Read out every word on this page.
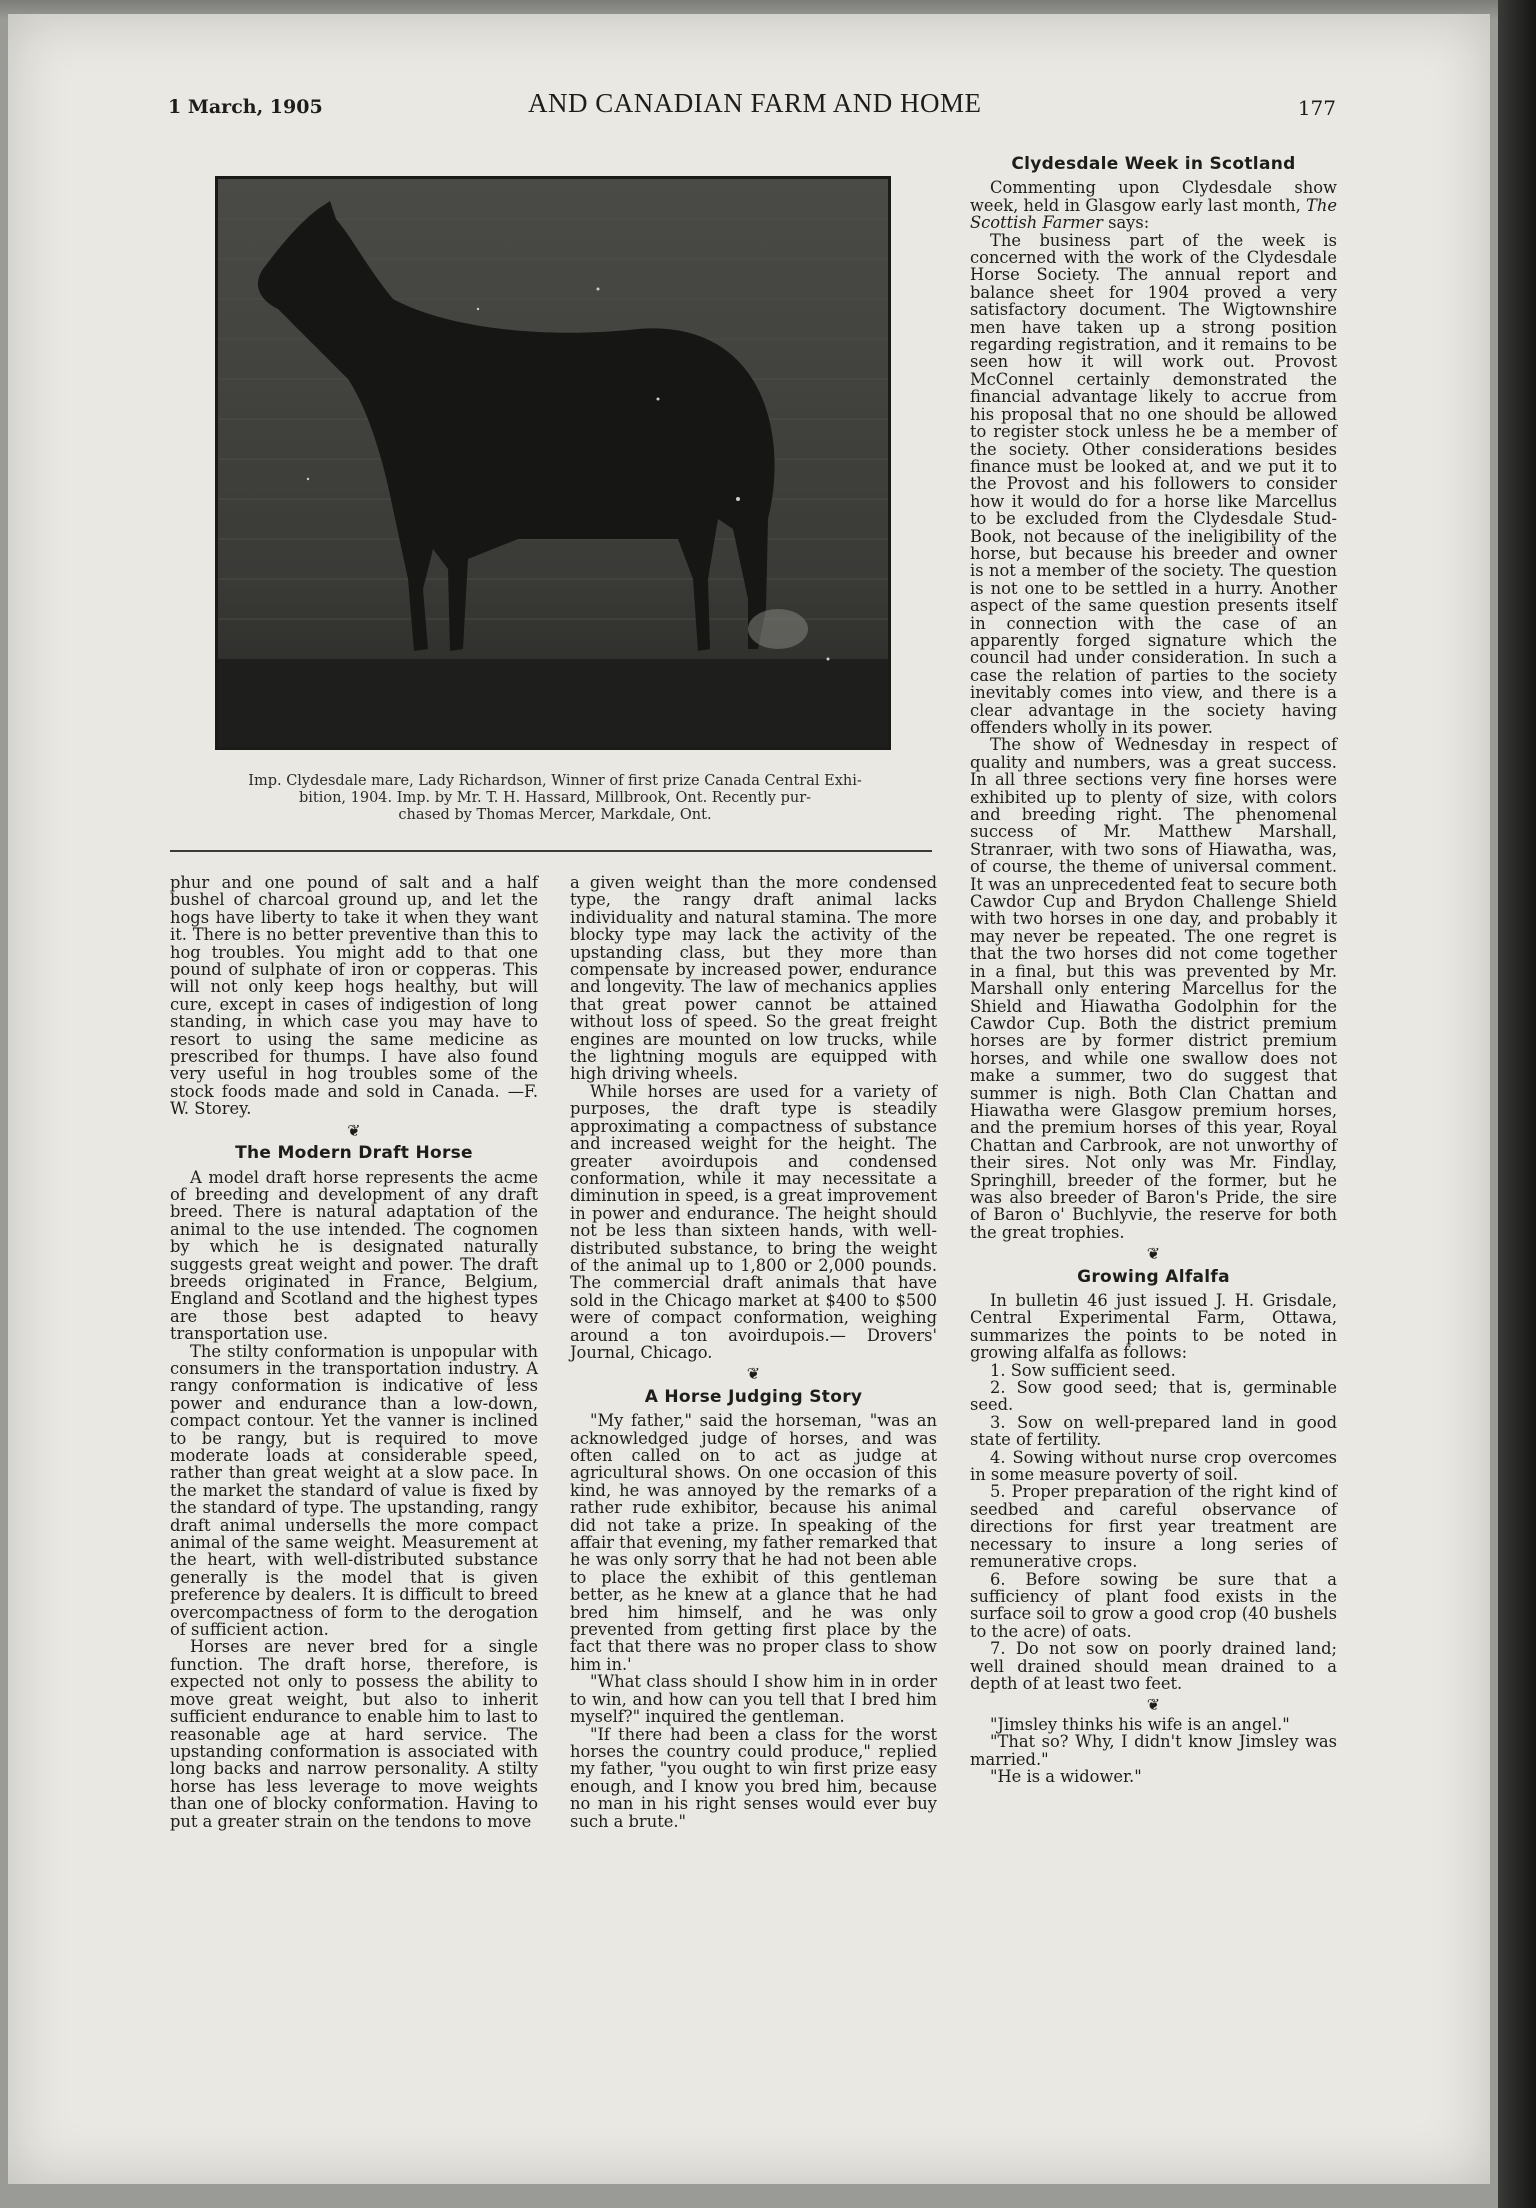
1 March, 1905	AND CANADIAN FARM AND HOME	177
Imp. Clydesdale mare, Lady Richardson, Winner of first prize Canada Central Exhi-
bition, 1904. Imp. by Mr. T. H. Hassard, Millbrook, Ont. Recently pur-
chased by Thomas Mercer, Markdale, Ont.

phur and one pound of salt and a half bushel of charcoal ground up, and let the hogs have liberty to take it when they want it. There is no better preventive than this to hog troubles. You might add to that one pound of sulphate of iron or copperas. This will not only keep hogs healthy, but will cure, except in cases of indigestion of long standing, in which case you may have to resort to using the same medicine as prescribed for thumps. I have also found very useful in hog troubles some of the stock foods made and sold in Canada. —F. W. Storey.

❦
The Modern Draft Horse

A model draft horse represents the acme of breeding and development of any draft breed. There is natural adaptation of the animal to the use intended. The cognomen by which he is designated naturally suggests great weight and power. The draft breeds originated in France, Belgium, England and Scotland and the highest types are those best adapted to heavy transportation use.

The stilty conformation is unpopular with consumers in the transportation industry. A rangy conformation is indicative of less power and endurance than a low-down, compact contour. Yet the vanner is inclined to be rangy, but is required to move moderate loads at considerable speed, rather than great weight at a slow pace. In the market the standard of value is fixed by the standard of type. The upstanding, rangy draft animal undersells the more compact animal of the same weight. Measurement at the heart, with well-distributed substance generally is the model that is given preference by dealers. It is difficult to breed overcompactness of form to the derogation of sufficient action.

Horses are never bred for a single function. The draft horse, therefore, is expected not only to possess the ability to move great weight, but also to inherit sufficient endurance to enable him to last to reasonable age at hard service. The upstanding conformation is associated with long backs and narrow personality. A stilty horse has less leverage to move weights than one of blocky conformation. Having to put a greater strain on the tendons to move

a given weight than the more condensed type, the rangy draft animal lacks individuality and natural stamina. The more blocky type may lack the activity of the upstanding class, but they more than compensate by increased power, endurance and longevity. The law of mechanics applies that great power cannot be attained without loss of speed. So the great freight engines are mounted on low trucks, while the lightning moguls are equipped with high driving wheels.

While horses are used for a variety of purposes, the draft type is steadily approximating a compactness of substance and increased weight for the height. The greater avoirdupois and condensed conformation, while it may necessitate a diminution in speed, is a great improvement in power and endurance. The height should not be less than sixteen hands, with well-distributed substance, to bring the weight of the animal up to 1,800 or 2,000 pounds. The commercial draft animals that have sold in the Chicago market at $400 to $500 were of compact conformation, weighing around a ton avoirdupois.— Drovers' Journal, Chicago.

❦
A Horse Judging Story

"My father," said the horseman, "was an acknowledged judge of horses, and was often called on to act as judge at agricultural shows. On one occasion of this kind, he was annoyed by the remarks of a rather rude exhibitor, because his animal did not take a prize. In speaking of the affair that evening, my father remarked that he was only sorry that he had not been able to place the exhibit of this gentleman better, as he knew at a glance that he had bred him himself, and he was only prevented from getting first place by the fact that there was no proper class to show him in.'

"What class should I show him in in order to win, and how can you tell that I bred him myself?" inquired the gentleman.

"If there had been a class for the worst horses the country could produce," replied my father, "you ought to win first prize easy enough, and I know you bred him, because no man in his right senses would ever buy such a brute."

Clydesdale Week in Scotland

Commenting upon Clydesdale show week, held in Glasgow early last month, The Scottish Farmer says:

The business part of the week is concerned with the work of the Clydesdale Horse Society. The annual report and balance sheet for 1904 proved a very satisfactory document. The Wigtownshire men have taken up a strong position regarding registration, and it remains to be seen how it will work out. Provost McConnel certainly demonstrated the financial advantage likely to accrue from his proposal that no one should be allowed to register stock unless he be a member of the society. Other considerations besides finance must be looked at, and we put it to the Provost and his followers to consider how it would do for a horse like Marcellus to be excluded from the Clydesdale Stud-Book, not because of the ineligibility of the horse, but because his breeder and owner is not a member of the society. The question is not one to be settled in a hurry. Another aspect of the same question presents itself in connection with the case of an apparently forged signature which the council had under consideration. In such a case the relation of parties to the society inevitably comes into view, and there is a clear advantage in the society having offenders wholly in its power.

The show of Wednesday in respect of quality and numbers, was a great success. In all three sections very fine horses were exhibited up to plenty of size, with colors and breeding right. The phenomenal success of Mr. Matthew Marshall, Stranraer, with two sons of Hiawatha, was, of course, the theme of universal comment. It was an unprecedented feat to secure both Cawdor Cup and Brydon Challenge Shield with two horses in one day, and probably it may never be repeated. The one regret is that the two horses did not come together in a final, but this was prevented by Mr. Marshall only entering Marcellus for the Shield and Hiawatha Godolphin for the Cawdor Cup. Both the district premium horses are by former district premium horses, and while one swallow does not make a summer, two do suggest that summer is nigh. Both Clan Chattan and Hiawatha were Glasgow premium horses, and the premium horses of this year, Royal Chattan and Carbrook, are not unworthy of their sires. Not only was Mr. Findlay, Springhill, breeder of the former, but he was also breeder of Baron's Pride, the sire of Baron o' Buchlyvie, the reserve for both the great trophies.

❦
Growing Alfalfa

In bulletin 46 just issued J. H. Grisdale, Central Experimental Farm, Ottawa, summarizes the points to be noted in growing alfalfa as follows:

1. Sow sufficient seed.

2. Sow good seed; that is, germinable seed.

3. Sow on well-prepared land in good state of fertility.

4. Sowing without nurse crop overcomes in some measure poverty of soil.

5. Proper preparation of the right kind of seedbed and careful observance of directions for first year treatment are necessary to insure a long series of remunerative crops.

6. Before sowing be sure that a sufficiency of plant food exists in the surface soil to grow a good crop (40 bushels to the acre) of oats.

7. Do not sow on poorly drained land; well drained should mean drained to a depth of at least two feet.

❦

"Jimsley thinks his wife is an angel."

"That so? Why, I didn't know Jimsley was married."

"He is a widower."
